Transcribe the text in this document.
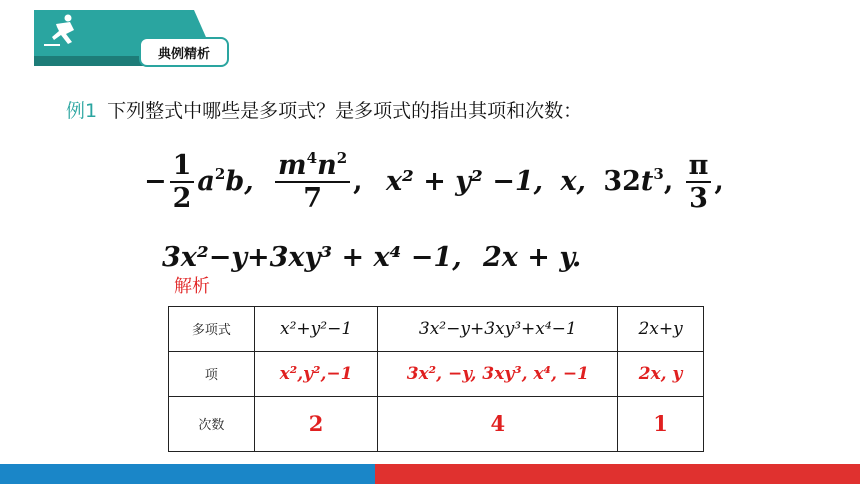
典例精析
例1 下列整式中哪些是多项式？是多项式的指出其项和次数：
− $\frac{1}{2} a^2b$, $\frac{m^4n^2}{7}$ , x² + y² −1, x, $32t^3$, $\frac{\pi}{3}$ ,
3x²−y+3xy³ + x⁴ −1, 2x + y.
解析
多项式	x²+y²−1	3x²−y+3xy³+x⁴−1	2x+y
项	x²,y²,−1	3x², −y, 3xy³, x⁴, −1	2x, y
次数	2	4	1
